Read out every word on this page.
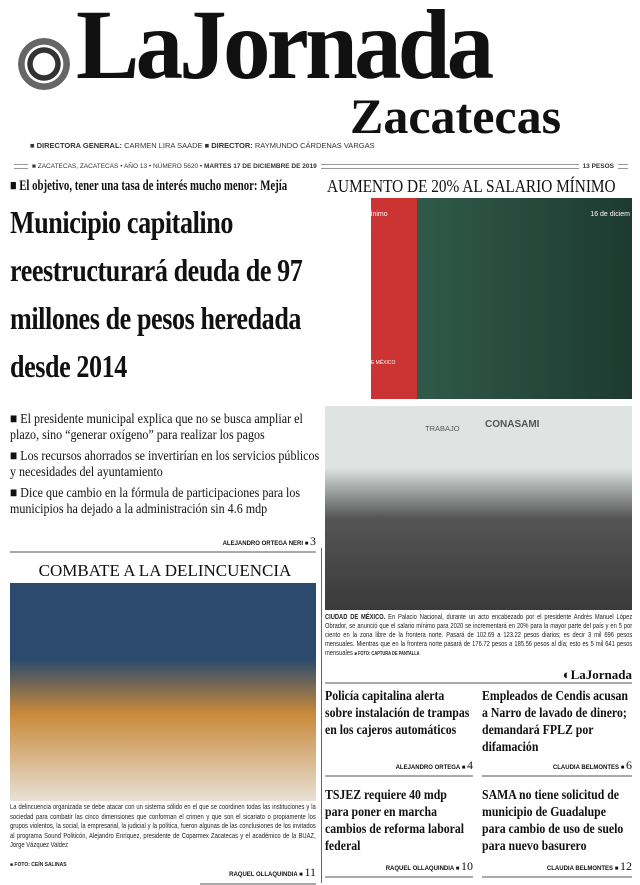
LaJornada
Zacatecas
■ DIRECTORA GENERAL: CARMEN LIRA SAADE ■ DIRECTOR: RAYMUNDO CÁRDENAS VARGAS
■ ZACATECAS, ZACATECAS • AÑO 13 • NÚMERO 5620 • MARTES 17 DE DICIEMBRE DE 2019	13 PESOS
■ El objetivo, tener una tasa de interés mucho menor: Mejía
Municipio capitalino reestructurará deuda de 97 millones de pesos heredada desde 2014

■ El presidente municipal explica que no se busca ampliar el plazo, sino “generar oxígeno” para realizar los pagos

■ Los recursos ahorrados se invertirían en los servicios públicos y necesidades del ayuntamiento

■ Dice que cambio en la fórmula de participaciones para los municipios ha dejado a la administración sin 4.6 mdp

ALEJANDRO ORTEGA NERI ■ 3
COMBATE A LA DELINCUENCIA
La delincuencia organizada se debe atacar con un sistema sólido en el que se coordinen todas las instituciones y la sociedad para combatir las cinco dimensiones que conforman el crimen y que son el sicariato o propiamente los grupos violentos, la social, la empresarial, la judicial y la política, fueron algunas de las conclusiones de los invitados al programa Sound Politicón, Alejandro Enríquez, presidente de Coparmex Zacatecas y el académico de la BUAZ, Jorge Vázquez Valdez
■ FOTO: CEÍN SALINAS
RAQUEL OLLAQUINDIA ■ 11
AUMENTO DE 20% AL SALARIO MÍNIMO
#SalarioMínimo	16 de diciem
GOBIERNO DE MÉXICO
TRABAJO	CONASAMI
CIUDAD DE MÉXICO. En Palacio Nacional, durante un acto encabezado por el presidente Andrés Manuel López Obrador, se anunció que el salario mínimo para 2020 se incrementará en 20% para la mayor parte del país y en 5 por ciento en la zona libre de la frontera norte. Pasará de 102.69 a 123.22 pesos diarios; es decir 3 mil 696 pesos mensuales. Mientras que en la frontera norte pasará de 176.72 pesos a 185.56 pesos al día; esto es 5 mil 641 pesos mensuales ■ FOTO: CAPTURA DE PANTALLA
◐LaJornada
Policía capitalina alerta sobre instalación de trampas en los cajeros automáticos
ALEJANDRO ORTEGA ■ 4
Empleados de Cendis acusan a Narro de lavado de dinero; demandará FPLZ por difamación
CLAUDIA BELMONTES ■ 6
TSJEZ requiere 40 mdp para poner en marcha cambios de reforma laboral federal
RAQUEL OLLAQUINDIA ■ 10
SAMA no tiene solicitud de municipio de Guadalupe para cambio de uso de suelo para nuevo basurero
CLAUDIA BELMONTES ■ 12
